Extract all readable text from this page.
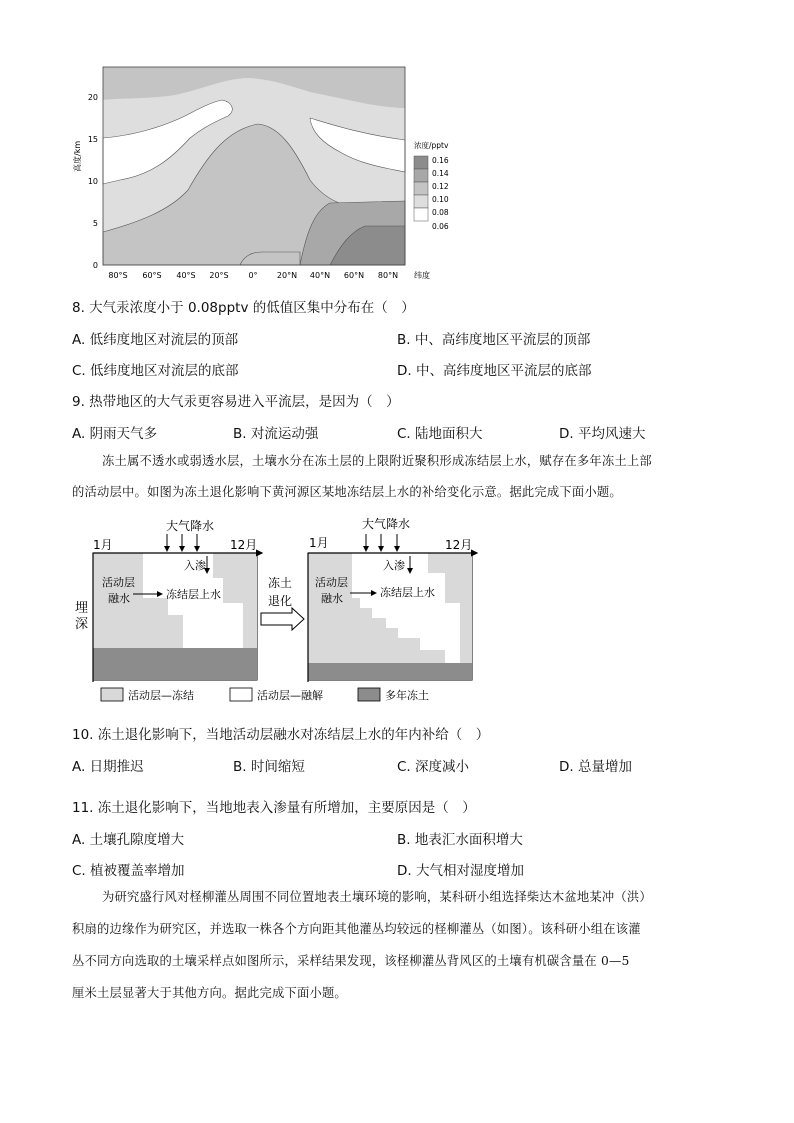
0
5
10
15
20
高度/km
80°S 60°S 40°S 20°S 0° 20°N 40°N 60°N 80°N 纬度
浓度/pptv
0.16
0.14
0.12
0.10
0.08
0.06
8. 大气汞浓度小于 0.08pptv 的低值区集中分布在（　）
A. 低纬度地区对流层的顶部	B. 中、高纬度地区平流层的顶部
C. 低纬度地区对流层的底部	D. 中、高纬度地区平流层的底部
9. 热带地区的大气汞更容易进入平流层，是因为（　）
A. 阴雨天气多	B. 对流运动强	C. 陆地面积大	D. 平均风速大
冻土属不透水或弱透水层，土壤水分在冻土层的上限附近聚积形成冻结层上水，赋存在多年冻土上部
的活动层中。如图为冻土退化影响下黄河源区某地冻结层上水的补给变化示意。据此完成下面小题。
大气降水
1月	12月
入渗
活动层
融水	冻结层上水
埋
深
冻土
退化
大气降水
1月	12月
入渗
活动层
融水	冻结层上水
活动层—冻结	活动层—融解	多年冻土
10. 冻土退化影响下，当地活动层融水对冻结层上水的年内补给（　）
A. 日期推迟	B. 时间缩短	C. 深度减小	D. 总量增加
11. 冻土退化影响下，当地地表入渗量有所增加，主要原因是（　）
A. 土壤孔隙度增大	B. 地表汇水面积增大
C. 植被覆盖率增加	D. 大气相对湿度增加
为研究盛行风对柽柳灌丛周围不同位置地表土壤环境的影响，某科研小组选择柴达木盆地某冲（洪）
积扇的边缘作为研究区，并选取一株各个方向距其他灌丛均较远的柽柳灌丛（如图）。该科研小组在该灌
丛不同方向选取的土壤采样点如图所示，采样结果发现，该柽柳灌丛背风区的土壤有机碳含量在 0—5
厘米土层显著大于其他方向。据此完成下面小题。
